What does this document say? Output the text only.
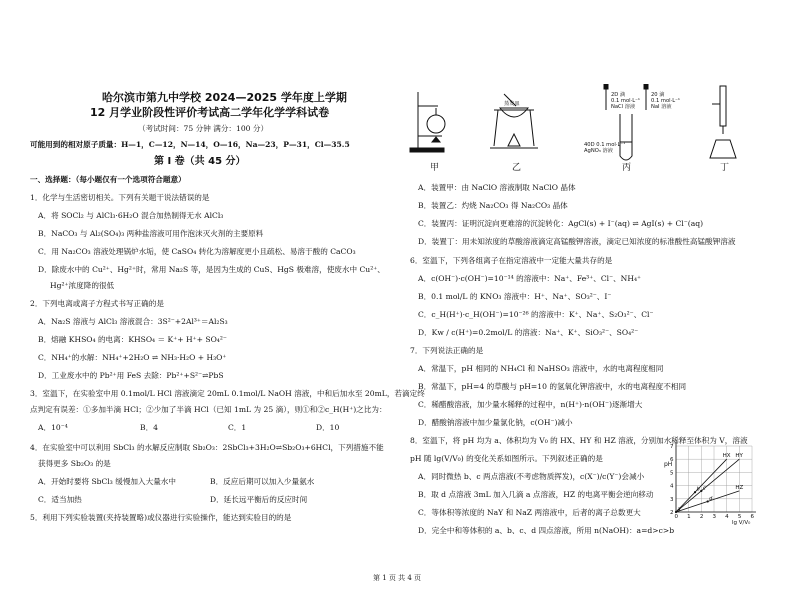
哈尔滨市第九中学校 2024—2025 学年度上学期
12 月学业阶段性评价考试高二学年化学学科试卷
（考试时间：75 分钟 满分：100 分）
可能用到的相对原子质量：H—1，C—12，N—14，O—16，Na—23，P—31，Cl—35.5
第 I 卷（共 45 分）
一、选择题：（每小题仅有一个选项符合题意）
1．化学与生活密切相关。下列有关题干说法错误的是
A．将 SOCl₂ 与 AlCl₃·6H₂O 混合加热制得无水 AlCl₃
B．NaCO₃ 与 Al₂(SO₄)₃ 两种盐溶液可用作泡沫灭火剂的主要原料
C．用 Na₂CO₃ 溶液处理锅炉水垢，使 CaSO₄ 转化为溶解度更小且疏松、易溶于酸的 CaCO₃
D．除废水中的 Cu²⁺、Hg²⁺时，常用 Na₂S 等，是因为生成的 CuS、HgS 极难溶，使废水中 Cu²⁺、
Hg²⁺浓度降的很低
2．下列电离或离子方程式书写正确的是
A．Na₂S 溶液与 AlCl₃ 溶液混合：3S²⁻+2Al³⁺＝Al₂S₃
B．熔融 KHSO₄ 的电离：KHSO₄ ＝ K⁺+ H⁺+ SO₄²⁻
C．NH₄⁺的水解：NH₄⁺+2H₂O ⇌ NH₃·H₂O + H₃O⁺
D．工业废水中的 Pb²⁺用 FeS 去除：Pb²⁺+S²⁻⇌PbS
3．室温下，在实验室中用 0.1mol/L HCl 溶液滴定 20mL 0.1mol/L NaOH 溶液，中和后加水至 20mL，若滴定终
点判定有误差：①多加半滴 HCl；②少加了半滴 HCl（已知 1mL 为 25 滴），则①和②c_H(H⁺)之比为：
A．10⁻⁴	B．4	C．1	D．10
4．在实验室中可以利用 SbCl₃ 的水解反应制取 Sb₂O₃：2SbCl₃+3H₂O⇌Sb₂O₃+6HCl，下列措施不能
获得更多 Sb₂O₃ 的是
A．开始时要将 SbCl₃ 缓慢加入大量水中	B．反应后期可以加入少量氨水
C．适当加热	D．延长远平衡后的反应时间
5．利用下列实验装置(夹持装置略)或仪器进行实验操作，能达到实验目的的是
蒸发皿
2D 滴
0.1 mol·L⁻¹
NaCl 溶液
20 滴
0.1 mol·L⁻¹
NaI 溶液
40D 0.1 mol·L⁻¹
AgNO₃ 溶液
甲	乙	丙	丁
A．装置甲：由 NaClO 溶液制取 NaClO 晶体
B．装置乙：灼烧 Na₂CO₃ 得 Na₂CO₃ 晶体
C．装置丙：证明沉淀向更难溶的沉淀转化：AgCl(s) + I⁻(aq) ⇌ AgI(s) + Cl⁻(aq)
D．装置丁：用未知浓度的草酸溶液滴定高锰酸钾溶液，滴定已知浓度的标准酸性高锰酸钾溶液
6．室温下，下列各组离子在指定溶液中一定能大量共存的是
A．c(OH⁻)·c(OH⁻)=10⁻¹⁴ 的溶液中：Na⁺、Fe³⁺、Cl⁻、NH₄⁺
B．0.1 mol/L 的 KNO₃ 溶液中：H⁺、Na⁺、SO₃²⁻、I⁻
C．c_H(H⁺)·c_H(OH⁻)=10⁻²⁶ 的溶液中：K⁺、Na⁺、S₂O₃²⁻、Cl⁻
D．Kw / c(H⁺)=0.2mol/L 的溶液：Na⁺、K⁺、SiO₃²⁻、SO₄²⁻
7．下列说法正确的是
A．常温下，pH 相同的 NH₄Cl 和 NaHSO₃ 溶液中，水的电离程度相同
B．常温下，pH=4 的草酸与 pH=10 的氢氧化钾溶液中，水的电离程度不相同
C．稀醋酸溶液，加少量水稀释的过程中，n(H⁺)·n(OH⁻)逐渐增大
D．醋酸钠溶液中加少量氯化钠，c(OH⁻)减小
8．室温下，将 pH 均为 a、体积均为 V₀ 的 HX、HY 和 HZ 溶液，分别加水稀释至体积为 V，溶液
pH 随 lg(V/V₀) 的变化关系如图所示。下列叙述正确的是
A．同时微热 b、c 两点溶液(不考虑物质挥发)，c(X⁻)/c(Y⁻)会减小
B．取 d 点溶液 3mL 加入几滴 a 点溶液，HZ 的电离平衡会逆向移动
C．等体积等浓度的 NaY 和 NaZ 两溶液中，后者的离子总数更大
D．完全中和等体积的 a、b、c、d 四点溶液，所用 n(NaOH)：a=d>c>b
HX HY
HZ
a
b c
d
0 1 2 3 4 5 6
2
3
4
5
6
7
pH
lg V/V₀
第 1 页 共 4 页
